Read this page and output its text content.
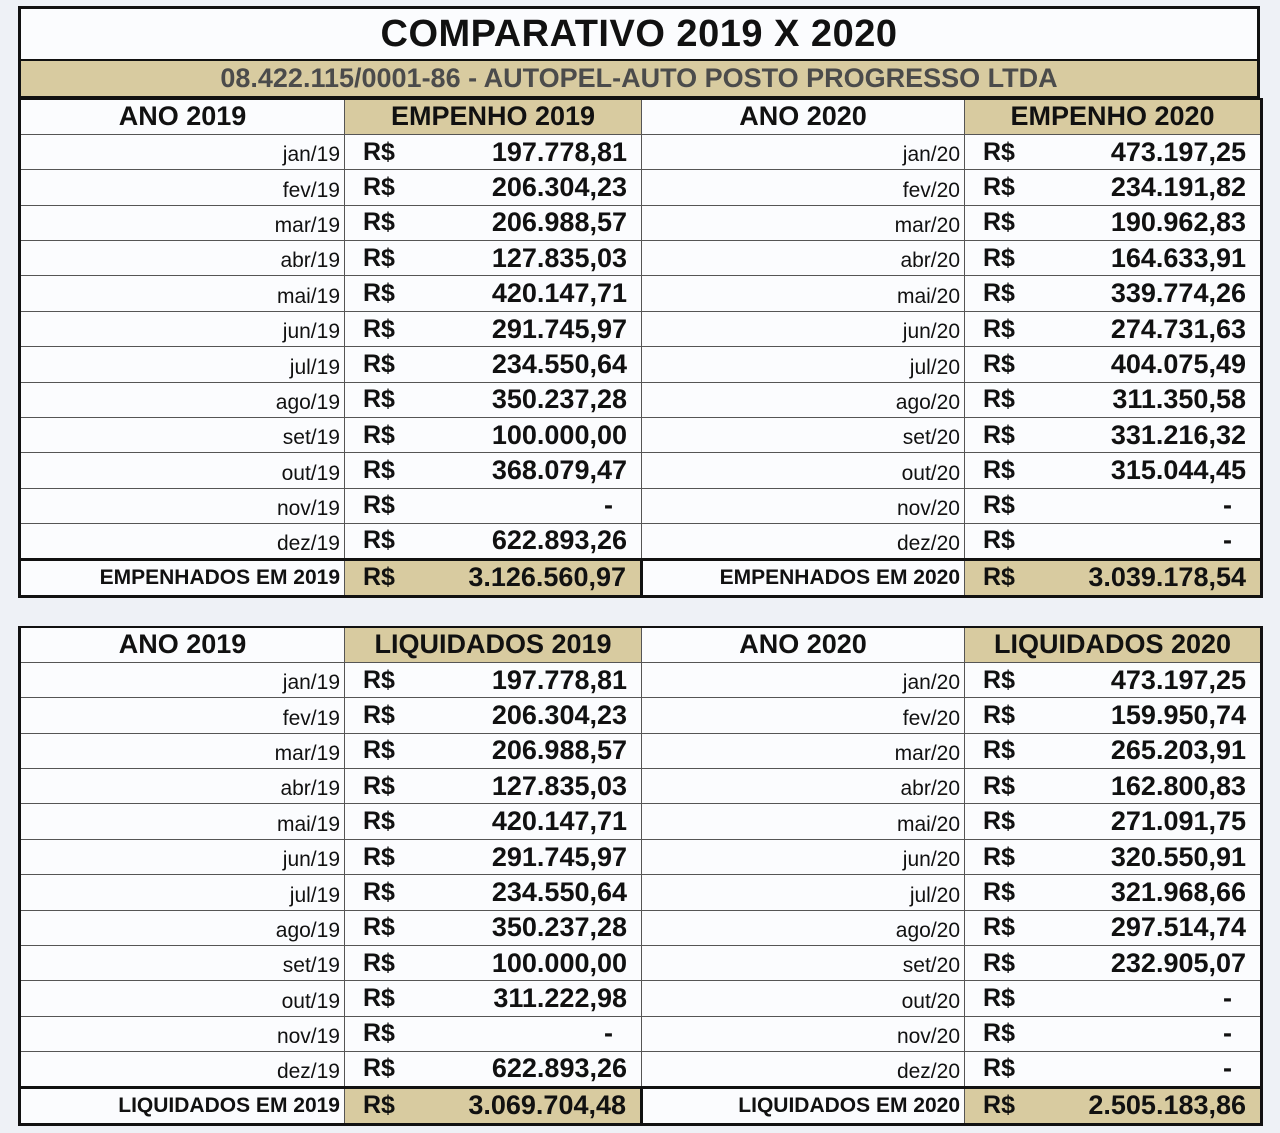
COMPARATIVO 2019 X 2020
08.422.115/0001-86 - AUTOPEL-AUTO POSTO PROGRESSO LTDA
ANO 2019	EMPENHO 2019		ANO 2020	EMPENHO 2020	
jan/19	R$	197.778,81	jan/20	R$	473.197,25
fev/19	R$	206.304,23	fev/20	R$	234.191,82
mar/19	R$	206.988,57	mar/20	R$	190.962,83
abr/19	R$	127.835,03	abr/20	R$	164.633,91
mai/19	R$	420.147,71	mai/20	R$	339.774,26
jun/19	R$	291.745,97	jun/20	R$	274.731,63
jul/19	R$	234.550,64	jul/20	R$	404.075,49
ago/19	R$	350.237,28	ago/20	R$	311.350,58
set/19	R$	100.000,00	set/20	R$	331.216,32
out/19	R$	368.079,47	out/20	R$	315.044,45
nov/19	R$	-	nov/20	R$	-
dez/19	R$	622.893,26	dez/20	R$	-
EMPENHADOS EM 2019	R$	3.126.560,97	EMPENHADOS EM 2020	R$	3.039.178,54
ANO 2019	LIQUIDADOS 2019		ANO 2020	LIQUIDADOS 2020	
jan/19	R$	197.778,81	jan/20	R$	473.197,25
fev/19	R$	206.304,23	fev/20	R$	159.950,74
mar/19	R$	206.988,57	mar/20	R$	265.203,91
abr/19	R$	127.835,03	abr/20	R$	162.800,83
mai/19	R$	420.147,71	mai/20	R$	271.091,75
jun/19	R$	291.745,97	jun/20	R$	320.550,91
jul/19	R$	234.550,64	jul/20	R$	321.968,66
ago/19	R$	350.237,28	ago/20	R$	297.514,74
set/19	R$	100.000,00	set/20	R$	232.905,07
out/19	R$	311.222,98	out/20	R$	-
nov/19	R$	-	nov/20	R$	-
dez/19	R$	622.893,26	dez/20	R$	-
LIQUIDADOS EM 2019	R$	3.069.704,48	LIQUIDADOS EM 2020	R$	2.505.183,86
